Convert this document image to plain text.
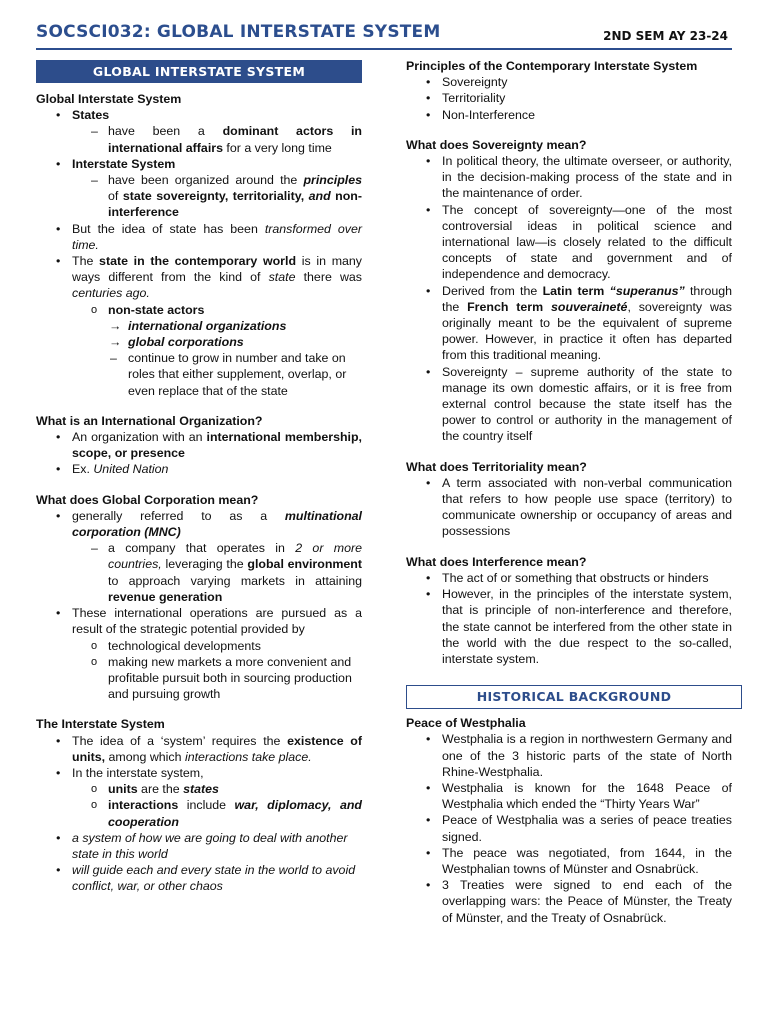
SOCSCI032: GLOBAL INTERSTATE SYSTEM	2ND SEM AY 23-24
GLOBAL INTERSTATE SYSTEM
Global Interstate System
• States
– have been a dominant actors in international affairs for a very long time
• Interstate System
– have been organized around the principles of state sovereignty, territoriality, and non-interference
• But the idea of state has been transformed over time.
• The state in the contemporary world is in many ways different from the kind of state there was centuries ago.
o non-state actors
→ international organizations
→ global corporations
– continue to grow in number and take on roles that either supplement, overlap, or even replace that of the state
What is an International Organization?
• An organization with an international membership, scope, or presence
• Ex. United Nation
What does Global Corporation mean?
• generally referred to as a multinational corporation (MNC)
– a company that operates in 2 or more countries, leveraging the global environment to approach varying markets in attaining revenue generation
• These international operations are pursued as a result of the strategic potential provided by
o technological developments
o making new markets a more convenient and profitable pursuit both in sourcing production and pursuing growth
The Interstate System
• The idea of a ‘system’ requires the existence of units, among which interactions take place.
• In the interstate system,
o units are the states
o interactions include war, diplomacy, and cooperation
• a system of how we are going to deal with another state in this world
• will guide each and every state in the world to avoid conflict, war, or other chaos
Principles of the Contemporary Interstate System
• Sovereignty
• Territoriality
• Non-Interference
What does Sovereignty mean?
• In political theory, the ultimate overseer, or authority, in the decision-making process of the state and in the maintenance of order.
• The concept of sovereignty—one of the most controversial ideas in political science and international law—is closely related to the difficult concepts of state and government and of independence and democracy.
• Derived from the Latin term “superanus” through the French term souveraineté, sovereignty was originally meant to be the equivalent of supreme power. However, in practice it often has departed from this traditional meaning.
• Sovereignty – supreme authority of the state to manage its own domestic affairs, or it is free from external control because the state itself has the power to control or authority in the management of the country itself
What does Territoriality mean?
• A term associated with non-verbal communication that refers to how people use space (territory) to communicate ownership or occupancy of areas and possessions
What does Interference mean?
• The act of or something that obstructs or hinders
• However, in the principles of the interstate system, that is principle of non-interference and therefore, the state cannot be interfered from the other state in the world with the due respect to the so-called, interstate system.
HISTORICAL BACKGROUND
Peace of Westphalia
• Westphalia is a region in northwestern Germany and one of the 3 historic parts of the state of North Rhine-Westphalia.
• Westphalia is known for the 1648 Peace of Westphalia which ended the “Thirty Years War”
• Peace of Westphalia was a series of peace treaties signed.
• The peace was negotiated, from 1644, in the Westphalian towns of Münster and Osnabrück.
• 3 Treaties were signed to end each of the overlapping wars: the Peace of Münster, the Treaty of Münster, and the Treaty of Osnabrück.
